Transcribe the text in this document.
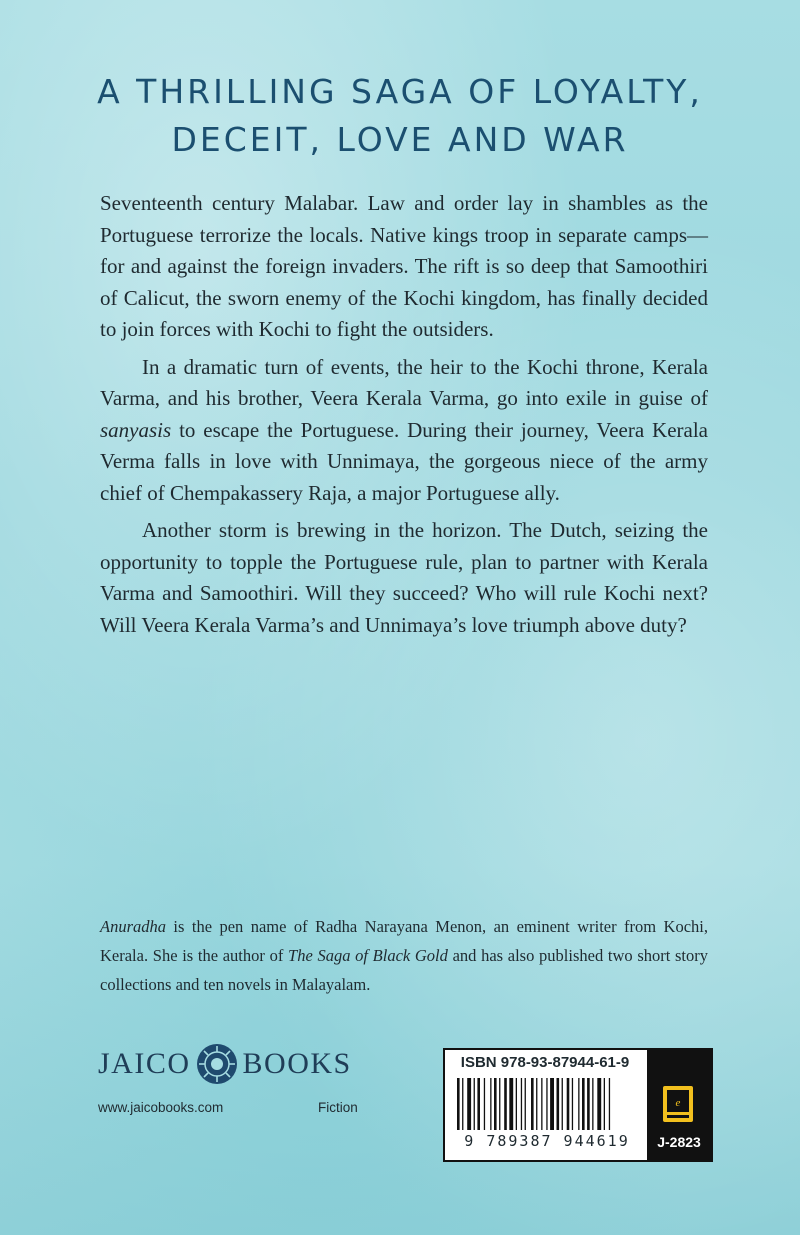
A THRILLING SAGA OF LOYALTY,
DECEIT, LOVE AND WAR

Seventeenth century Malabar. Law and order lay in shambles as the Portuguese terrorize the locals. Native kings troop in separate camps—for and against the foreign invaders. The rift is so deep that Samoothiri of Calicut, the sworn enemy of the Kochi kingdom, has finally decided to join forces with Kochi to fight the outsiders.

In a dramatic turn of events, the heir to the Kochi throne, Kerala Varma, and his brother, Veera Kerala Varma, go into exile in guise of sanyasis to escape the Portuguese. During their journey, Veera Kerala Verma falls in love with Unnimaya, the gorgeous niece of the army chief of Chempakassery Raja, a major Portuguese ally.

Another storm is brewing in the horizon. The Dutch, seizing the opportunity to topple the Portuguese rule, plan to partner with Kerala Varma and Samoothiri. Will they succeed? Who will rule Kochi next? Will Veera Kerala Varma’s and Unnimaya’s love triumph above duty?

Anuradha is the pen name of Radha Narayana Menon, an eminent writer from Kochi, Kerala. She is the author of The Saga of Black Gold and has also published two short story collections and ten novels in Malayalam.

JAICO BOOKS
www.jaicobooks.com	Fiction
ISBN 978-93-87944-61-9
9 789387 944619
e
J-2823
